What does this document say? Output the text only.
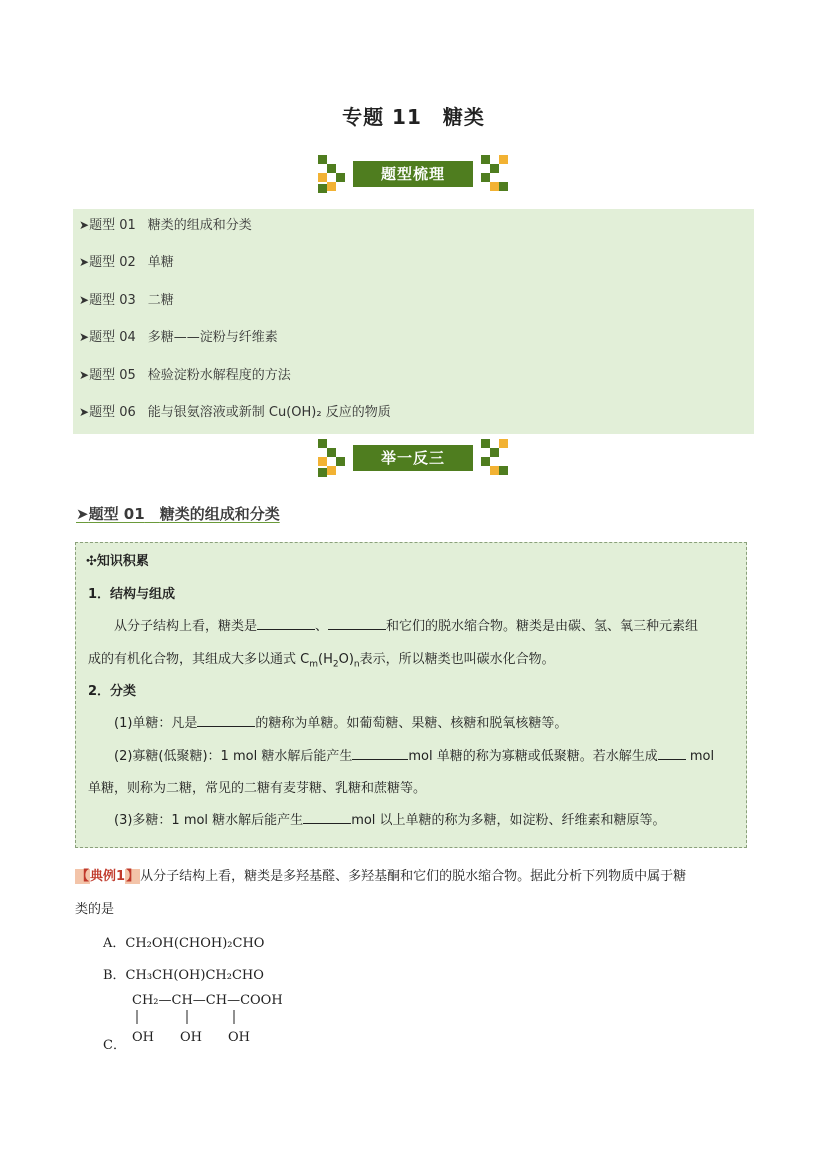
专题 11　糖类
题型梳理
➤题型 01 糖类的组成和分类
➤题型 02 单糖
➤题型 03 二糖
➤题型 04 多糖——淀粉与纤维素
➤题型 05 检验淀粉水解程度的方法
➤题型 06 能与银氨溶液或新制 Cu(OH)₂ 反应的物质
举一反三
➤题型 01　 糖类的组成和分类
✣知识积累
1．结构与组成
从分子结构上看，糖类是	、	和它们的脱水缩合物。糖类是由碳、氢、氧三种元素组
成的有机化合物，其组成大多以通式 $C_m(H_2O)_n$表示，所以糖类也叫碳水化合物。
2．分类
(1)单糖：凡是	的糖称为单糖。如葡萄糖、果糖、核糖和脱氧核糖等。
(2)寡糖(低聚糖)：1 mol 糖水解后能产生	mol 单糖的称为寡糖或低聚糖。若水解生成 mol
单糖，则称为二糖，常见的二糖有麦芽糖、乳糖和蔗糖等。
(3)多糖：1 mol 糖水解后能产生	mol 以上单糖的称为多糖，如淀粉、纤维素和糖原等。
【典例1】从分子结构上看，糖类是多羟基醛、多羟基酮和它们的脱水缩合物。据此分析下列物质中属于糖
类的是
A．CH₂OH(CHOH)₂CHO
B．CH₃CH(OH)CH₂CHO
CH₂—CH—CH—COOH
OH　　OH　　OH
C．
